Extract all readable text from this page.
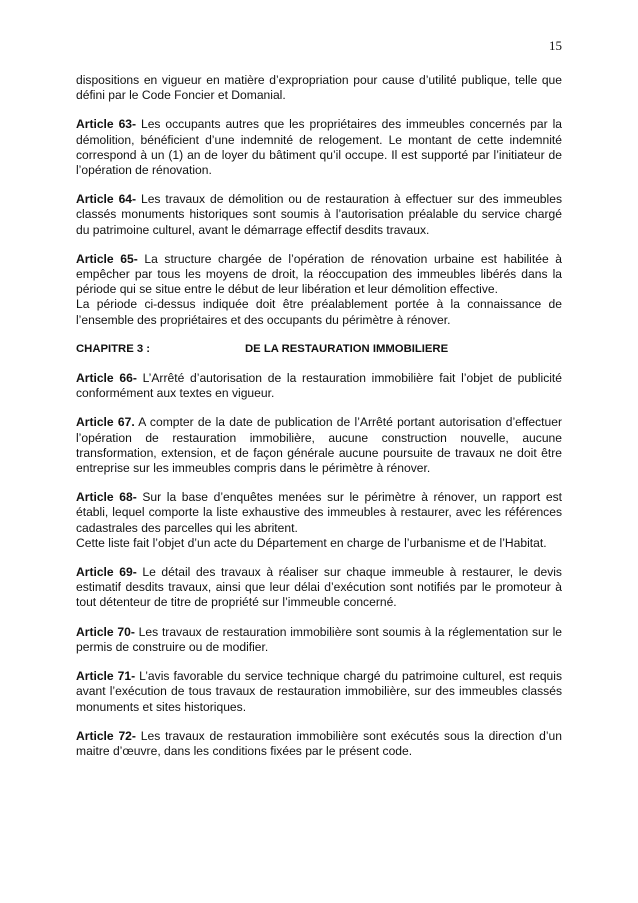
15

dispositions en vigueur en matière d’expropriation pour cause d’utilité publique, telle que défini par le Code Foncier et Domanial.

Article 63- Les occupants autres que les propriétaires des immeubles concernés par la démolition, bénéficient d’une indemnité de relogement. Le montant de cette indemnité correspond à un (1) an de loyer du bâtiment qu’il occupe. Il est supporté par l’initiateur de l’opération de rénovation.

Article 64- Les travaux de démolition ou de restauration à effectuer sur des immeubles classés monuments historiques sont soumis à l’autorisation préalable du service chargé du patrimoine culturel, avant le démarrage effectif desdits travaux.

Article 65- La structure chargée de l’opération de rénovation urbaine est habilitée à empêcher par tous les moyens de droit, la réoccupation des immeubles libérés dans la période qui se situe entre le début de leur libération et leur démolition effective.

La période ci-dessus indiquée doit être préalablement portée à la connaissance de l’ensemble des propriétaires et des occupants du périmètre à rénover.

CHAPITRE 3 :	DE LA RESTAURATION IMMOBILIERE

Article 66- L’Arrêté d’autorisation de la restauration immobilière fait l’objet de publicité conformément aux textes en vigueur.

Article 67. A compter de la date de publication de l’Arrêté portant autorisation d’effectuer l’opération de restauration immobilière, aucune construction nouvelle, aucune transformation, extension, et de façon générale aucune poursuite de travaux ne doit être entreprise sur les immeubles compris dans le périmètre à rénover.

Article 68- Sur la base d’enquêtes menées sur le périmètre à rénover, un rapport est établi, lequel comporte la liste exhaustive des immeubles à restaurer, avec les références cadastrales des parcelles qui les abritent.

Cette liste fait l’objet d’un acte du Département en charge de l’urbanisme et de l’Habitat.

Article 69- Le détail des travaux à réaliser sur chaque immeuble à restaurer, le devis estimatif desdits travaux, ainsi que leur délai d’exécution sont notifiés par le promoteur à tout détenteur de titre de propriété sur l’immeuble concerné.

Article 70- Les travaux de restauration immobilière sont soumis à la réglementation sur le permis de construire ou de modifier.

Article 71- L’avis favorable du service technique chargé du patrimoine culturel, est requis avant l’exécution de tous travaux de restauration immobilière, sur des immeubles classés monuments et sites historiques.

Article 72- Les travaux de restauration immobilière sont exécutés sous la direction d’un maitre d’œuvre, dans les conditions fixées par le présent code.
